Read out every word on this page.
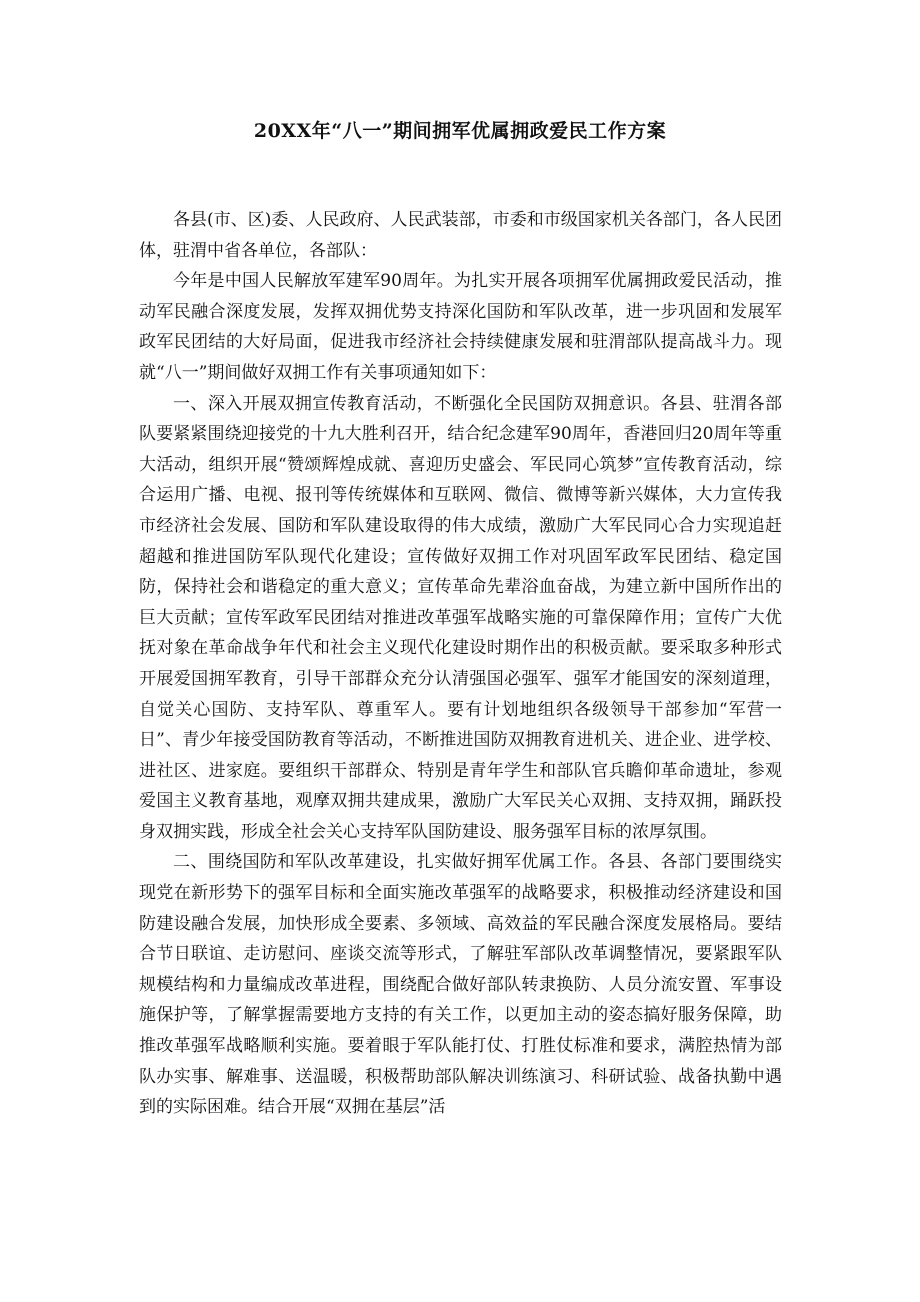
20XX年“八一”期间拥军优属拥政爱民工作方案

各县(市、区)委、人民政府、人民武装部，市委和市级国家机关各部门，各人民团体，驻渭中省各单位，各部队：

今年是中国人民解放军建军90周年。为扎实开展各项拥军优属拥政爱民活动，推动军民融合深度发展，发挥双拥优势支持深化国防和军队改革，进一步巩固和发展军政军民团结的大好局面，促进我市经济社会持续健康发展和驻渭部队提高战斗力。现就“八一”期间做好双拥工作有关事项通知如下：

一、深入开展双拥宣传教育活动，不断强化全民国防双拥意识。各县、驻渭各部队要紧紧围绕迎接党的十九大胜利召开，结合纪念建军90周年，香港回归20周年等重大活动，组织开展“赞颂辉煌成就、喜迎历史盛会、军民同心筑梦”宣传教育活动，综合运用广播、电视、报刊等传统媒体和互联网、微信、微博等新兴媒体，大力宣传我市经济社会发展、国防和军队建设取得的伟大成绩，激励广大军民同心合力实现追赶超越和推进国防军队现代化建设；宣传做好双拥工作对巩固军政军民团结、稳定国防，保持社会和谐稳定的重大意义；宣传革命先辈浴血奋战，为建立新中国所作出的巨大贡献；宣传军政军民团结对推进改革强军战略实施的可靠保障作用；宣传广大优抚对象在革命战争年代和社会主义现代化建设时期作出的积极贡献。要采取多种形式开展爱国拥军教育，引导干部群众充分认清强国必强军、强军才能国安的深刻道理，自觉关心国防、支持军队、尊重军人。要有计划地组织各级领导干部参加“军营一日”、青少年接受国防教育等活动，不断推进国防双拥教育进机关、进企业、进学校、进社区、进家庭。要组织干部群众、特别是青年学生和部队官兵瞻仰革命遗址，参观爱国主义教育基地，观摩双拥共建成果，激励广大军民关心双拥、支持双拥，踊跃投身双拥实践，形成全社会关心支持军队国防建设、服务强军目标的浓厚氛围。

二、围绕国防和军队改革建设，扎实做好拥军优属工作。各县、各部门要围绕实现党在新形势下的强军目标和全面实施改革强军的战略要求，积极推动经济建设和国防建设融合发展，加快形成全要素、多领域、高效益的军民融合深度发展格局。要结合节日联谊、走访慰问、座谈交流等形式，了解驻军部队改革调整情况，要紧跟军队规模结构和力量编成改革进程，围绕配合做好部队转隶换防、人员分流安置、军事设施保护等，了解掌握需要地方支持的有关工作，以更加主动的姿态搞好服务保障，助推改革强军战略顺利实施。要着眼于军队能打仗、打胜仗标准和要求，满腔热情为部队办实事、解难事、送温暖，积极帮助部队解决训练演习、科研试验、战备执勤中遇到的实际困难。结合开展“双拥在基层”活
